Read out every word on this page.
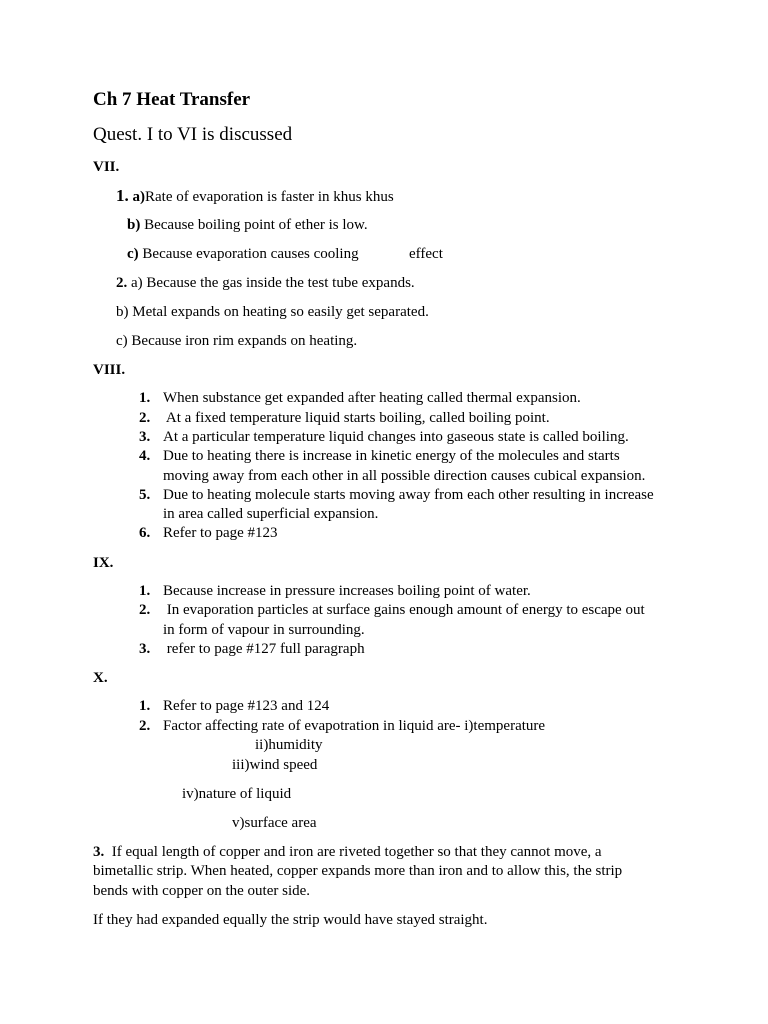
Ch 7 Heat Transfer
Quest. I to VI is discussed
VII.
1. a)Rate of evaporation is faster in khus khus
b) Because boiling point of ether is low.
c) Because evaporation causes cooling	effect
2. a) Because the gas inside the test tube expands.
b) Metal expands on heating so easily get separated.
c) Because iron rim expands on heating.
VIII.
1. When substance get expanded after heating called thermal expansion.
2. At a fixed temperature liquid starts boiling, called boiling point.
3. At a particular temperature liquid changes into gaseous state is called boiling.
4. Due to heating there is increase in kinetic energy of the molecules and starts
moving away from each other in all possible direction causes cubical expansion.
5. Due to heating molecule starts moving away from each other resulting in increase
in area called superficial expansion.
6. Refer to page #123
IX.
1. Because increase in pressure increases boiling point of water.
2. In evaporation particles at surface gains enough amount of energy to escape out
in form of vapour in surrounding.
3. refer to page #127 full paragraph
X.
1. Refer to page #123 and 124
2. Factor affecting rate of evapotration in liquid are- i)temperature
ii)humidity
iii)wind speed
iv)nature of liquid
v)surface area
3.  If equal length of copper and iron are riveted together so that they cannot move, a
bimetallic strip. When heated, copper expands more than iron and to allow this, the strip
bends with copper on the outer side.
If they had expanded equally the strip would have stayed straight.
